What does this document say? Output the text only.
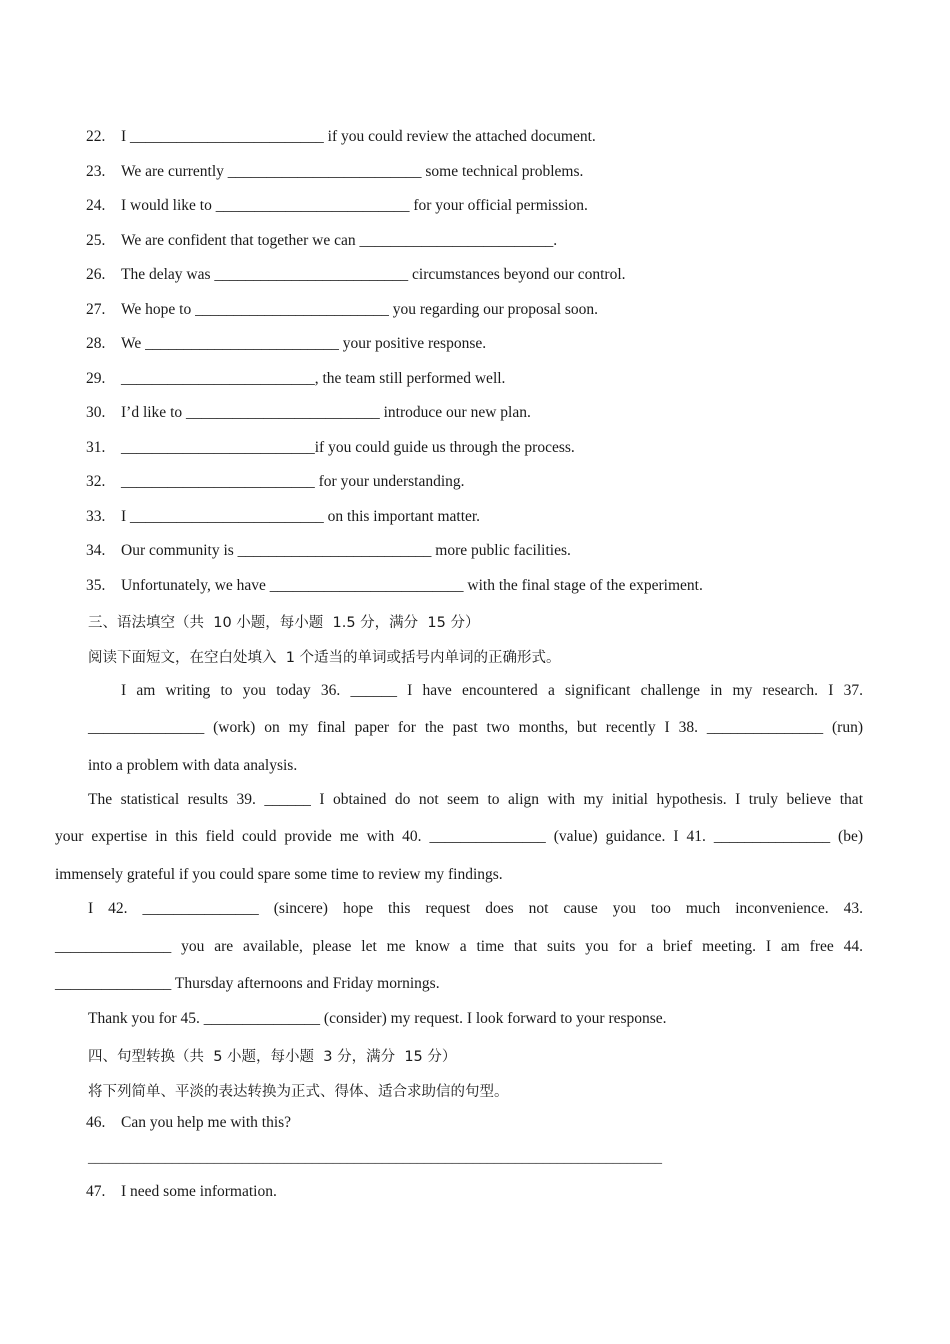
22. I _________________________ if you could review the attached document.
23. We are currently _________________________ some technical problems.
24. I would like to _________________________ for your official permission.
25. We are confident that together we can _________________________.
26. The delay was _________________________ circumstances beyond our control.
27. We hope to _________________________ you regarding our proposal soon.
28. We _________________________ your positive response.
29. _________________________, the team still performed well.
30. I’d like to _________________________ introduce our new plan.
31. _________________________if you could guide us through the process.
32. _________________________ for your understanding.
33. I _________________________ on this important matter.
34. Our community is _________________________ more public facilities.
35. Unfortunately, we have _________________________ with the final stage of the experiment.
三、语法填空（共  10 小题，每小题  1.5 分，满分  15 分）
阅读下面短文，在空白处填入  1 个适当的单词或括号内单词的正确形式。
I am writing to you today 36. ______ I have encountered a significant challenge in my research. I 37.
_______________ (work) on my final paper for the past two months, but recently I 38. _______________ (run)
into a problem with data analysis.
The statistical results 39. ______ I obtained do not seem to align with my initial hypothesis. I truly believe that
your expertise in this field could provide me with 40. _______________ (value) guidance. I 41. _______________ (be)
immensely grateful if you could spare some time to review my findings.
I 42. _______________ (sincere) hope this request does not cause you too much inconvenience. 43.
_______________ you are available, please let me know a time that suits you for a brief meeting. I am free 44.
_______________ Thursday afternoons and Friday mornings.
Thank you for 45. _______________ (consider) my request. I look forward to your response.
四、句型转换（共  5 小题，每小题  3 分，满分  15 分）
将下列简单、平淡的表达转换为正式、得体、适合求助信的句型。
46. Can you help me with this?
__________________________________________________________________________________
47. I need some information.
